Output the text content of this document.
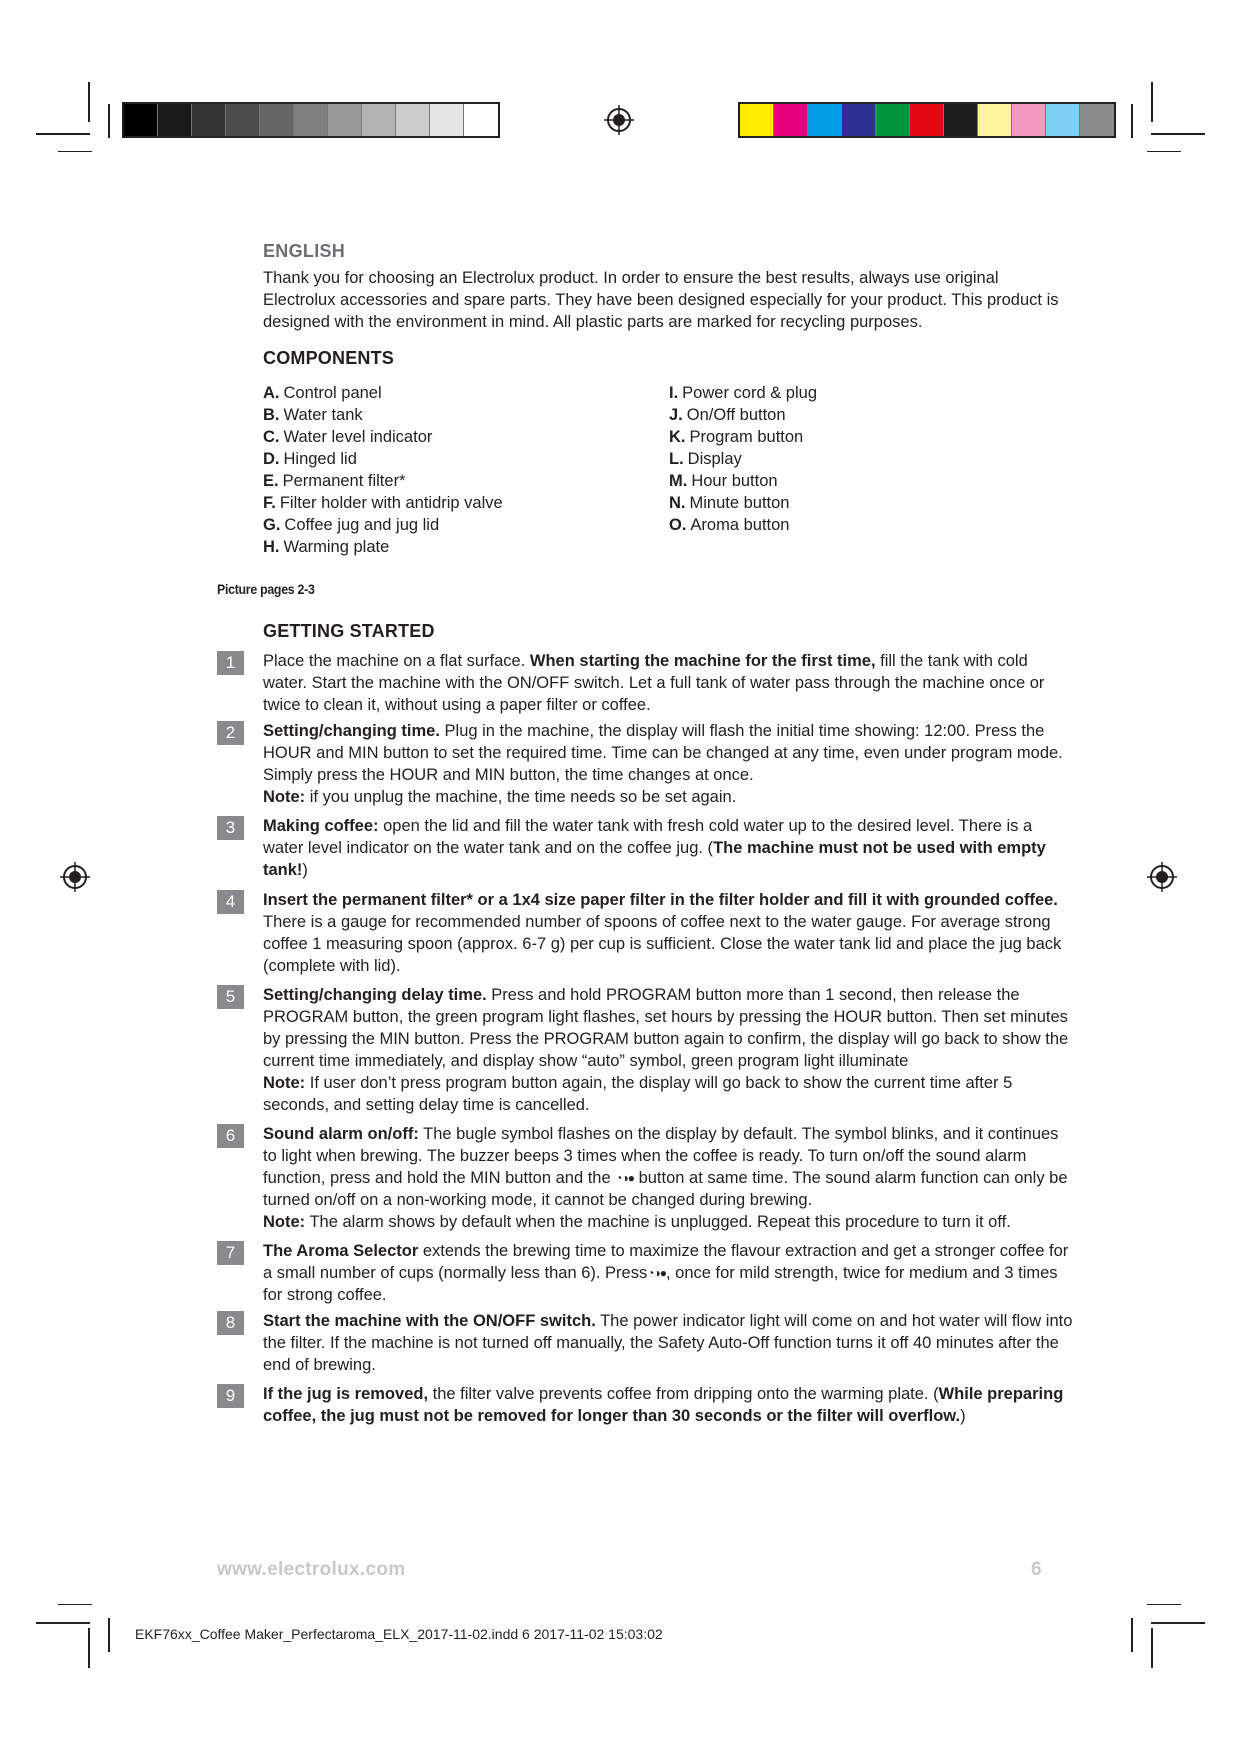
ENGLISH
Thank you for choosing an Electrolux product. In order to ensure the best results, always use original Electrolux accessories and spare parts. They have been designed especially for your product. This product is designed with the environment in mind. All plastic parts are marked for recycling purposes.
COMPONENTS
A. Control panel
B. Water tank
C. Water level indicator
D. Hinged lid
E. Permanent filter*
F. Filter holder with antidrip valve
G. Coffee jug and jug lid
H. Warming plate
I. Power cord & plug
J. On/Off button
K. Program button
L. Display
M. Hour button
N. Minute button
O. Aroma button
Picture pages 2-3
GETTING STARTED
1	Place the machine on a flat surface. When starting the machine for the first time, fill the tank with cold water. Start the machine with the ON/OFF switch. Let a full tank of water pass through the machine once or twice to clean it, without using a paper filter or coffee.

2	Setting/changing time. Plug in the machine, the display will flash the initial time showing: 12:00. Press the HOUR and MIN button to set the required time. Time can be changed at any time, even under program mode. Simply press the HOUR and MIN button, the time changes at once.

Note: if you unplug the machine, the time needs so be set again.

3	Making coffee: open the lid and fill the water tank with fresh cold water up to the desired level. There is a water level indicator on the water tank and on the coffee jug. (The machine must not be used with empty tank!)

4	Insert the permanent filter* or a 1x4 size paper filter in the filter holder and fill it with grounded coffee. There is a gauge for recommended number of spoons of coffee next to the water gauge. For average strong coffee 1 measuring spoon (approx. 6-7 g) per cup is sufficient. Close the water tank lid and place the jug back (complete with lid).

5	Setting/changing delay time. Press and hold PROGRAM button more than 1 second, then release the PROGRAM button, the green program light flashes, set hours by pressing the HOUR button. Then set minutes by pressing the MIN button. Press the PROGRAM button again to confirm, the display will go back to show the current time immediately, and display show “auto” symbol, green program light illuminate

Note: If user don’t press program button again, the display will go back to show the current time after 5 seconds, and setting delay time is cancelled.

6	Sound alarm on/off: The bugle symbol flashes on the display by default. The symbol blinks, and it continues to light when brewing. The buzzer beeps 3 times when the coffee is ready. To turn on/off the sound alarm function, press and hold the MIN button and the ◔◑● button at same time. The sound alarm function can only be turned on/off on a non-working mode, it cannot be changed during brewing.

Note: The alarm shows by default when the machine is unplugged. Repeat this procedure to turn it off.

7	The Aroma Selector extends the brewing time to maximize the flavour extraction and get a stronger coffee for a small number of cups (normally less than 6). Press◔◑●, once for mild strength, twice for medium and 3 times for strong coffee.

8	Start the machine with the ON/OFF switch. The power indicator light will come on and hot water will flow into the filter. If the machine is not turned off manually, the Safety Auto-Off function turns it off 40 minutes after the end of brewing.

9	If the jug is removed, the filter valve prevents coffee from dripping onto the warming plate. (While preparing coffee, the jug must not be removed for longer than 30 seconds or the filter will overflow.)

www.electrolux.com	6
EKF76xx_Coffee Maker_Perfectaroma_ELX_2017-11-02.indd 6 2017-11-02 15:03:02
